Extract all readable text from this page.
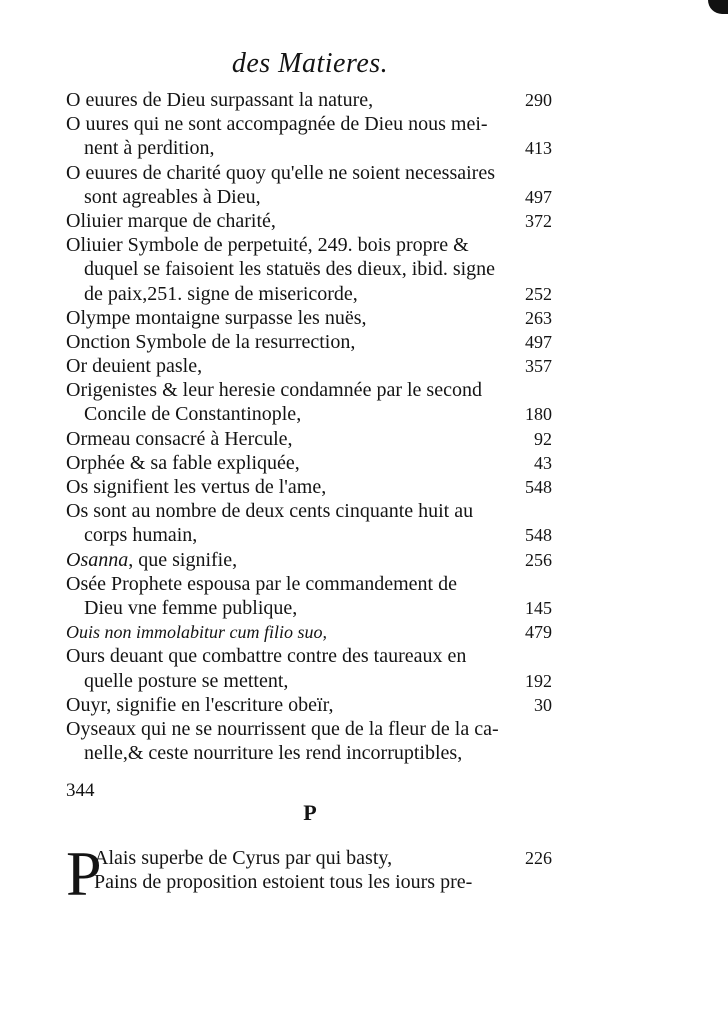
des Matieres.
O euures de Dieu surpassant la nature,	290
O uures qui ne sont accompagnée de Dieu nous mei-
nent à perdition,	413
O euures de charité quoy qu'elle ne soient necessaires
sont agreables à Dieu,	497
Oliuier marque de charité,	372
Oliuier Symbole de perpetuité, 249. bois propre &
duquel se faisoient les statuës des dieux, ibid. signe
de paix,251. signe de misericorde,	252
Olympe montaigne surpasse les nuës,	263
Onction Symbole de la resurrection,	497
Or deuient pasle,	357
Origenistes & leur heresie condamnée par le second
Concile de Constantinople,	180
Ormeau consacré à Hercule,	92
Orphée & sa fable expliquée,	43
Os signifient les vertus de l'ame,	548
Os sont au nombre de deux cents cinquante huit au
corps humain,	548
Osanna, que signifie,	256
Osée Prophete espousa par le commandement de
Dieu vne femme publique,	145
Ouis non immolabitur cum filio suo,	479
Ours deuant que combattre contre des taureaux en
quelle posture se mettent,	192
Ouyr, signifie en l'escriture obeïr,	30
Oyseaux qui ne se nourrissent que de la fleur de la ca-
nelle,& ceste nourriture les rend incorruptibles,
344
P
P
Alais superbe de Cyrus par qui basty,	226
Pains de proposition estoient tous les iours pre-
